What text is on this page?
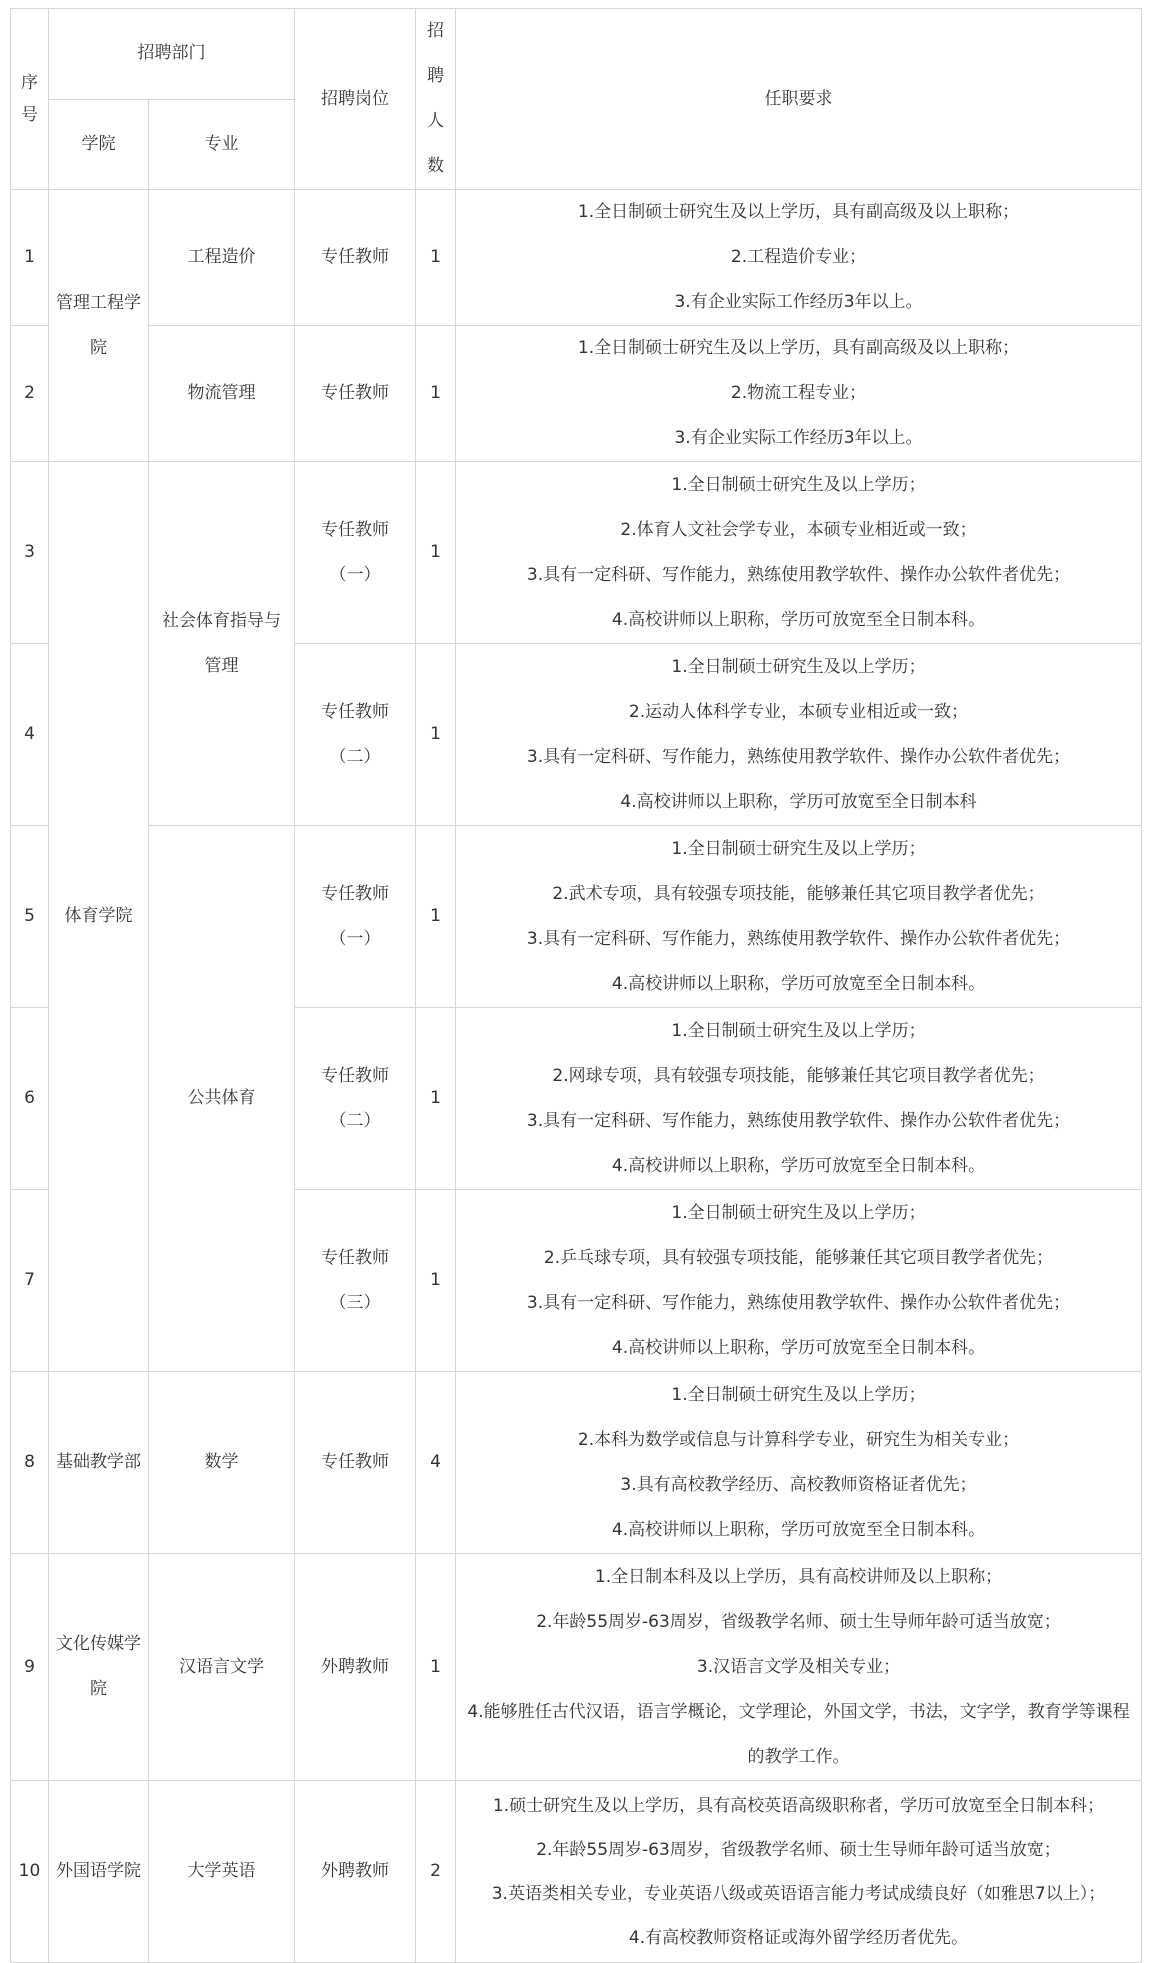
序号	招聘部门		招聘岗位	招聘人数	任职要求
	学院	专业			
1	管理工程学院	工程造价	专任教师	1	1.全日制硕士研究生及以上学历，具有副高级及以上职称；
2.工程造价专业；
3.有企业实际工作经历3年以上。

2		物流管理	专任教师	1	1.全日制硕士研究生及以上学历，具有副高级及以上职称；
2.物流工程专业；
3.有企业实际工作经历3年以上。

3	体育学院	社会体育指导与管理	专任教师（一）	1	1.全日制硕士研究生及以上学历；
2.体育人文社会学专业，本硕专业相近或一致；
3.具有一定科研、写作能力，熟练使用教学软件、操作办公软件者优先；
4.高校讲师以上职称，学历可放宽至全日制本科。

4			专任教师（二）	1	1.全日制硕士研究生及以上学历；
2.运动人体科学专业，本硕专业相近或一致；
3.具有一定科研、写作能力，熟练使用教学软件、操作办公软件者优先；
4.高校讲师以上职称，学历可放宽至全日制本科

5		公共体育	专任教师（一）	1	1.全日制硕士研究生及以上学历；
2.武术专项，具有较强专项技能，能够兼任其它项目教学者优先；
3.具有一定科研、写作能力，熟练使用教学软件、操作办公软件者优先；
4.高校讲师以上职称，学历可放宽至全日制本科。

6			专任教师（二）	1	1.全日制硕士研究生及以上学历；
2.网球专项，具有较强专项技能，能够兼任其它项目教学者优先；
3.具有一定科研、写作能力，熟练使用教学软件、操作办公软件者优先；
4.高校讲师以上职称，学历可放宽至全日制本科。

7			专任教师（三）	1	1.全日制硕士研究生及以上学历；
2.乒乓球专项，具有较强专项技能，能够兼任其它项目教学者优先；
3.具有一定科研、写作能力，熟练使用教学软件、操作办公软件者优先；
4.高校讲师以上职称，学历可放宽至全日制本科。

8	基础教学部	数学	专任教师	4	1.全日制硕士研究生及以上学历；
2.本科为数学或信息与计算科学专业，研究生为相关专业；
3.具有高校教学经历、高校教师资格证者优先；
4.高校讲师以上职称，学历可放宽至全日制本科。

9	文化传媒学院	汉语言文学	外聘教师	1	1.全日制本科及以上学历，具有高校讲师及以上职称；
2.年龄55周岁-63周岁，省级教学名师、硕士生导师年龄可适当放宽；
3.汉语言文学及相关专业；
4.能够胜任古代汉语，语言学概论，文学理论，外国文学，书法，文字学，教育学等课程的教学工作。

10	外国语学院	大学英语	外聘教师	2	1.硕士研究生及以上学历，具有高校英语高级职称者，学历可放宽至全日制本科；
2.年龄55周岁-63周岁，省级教学名师、硕士生导师年龄可适当放宽；
3.英语类相关专业，专业英语八级或英语语言能力考试成绩良好（如雅思7以上）；
4.有高校教师资格证或海外留学经历者优先。
